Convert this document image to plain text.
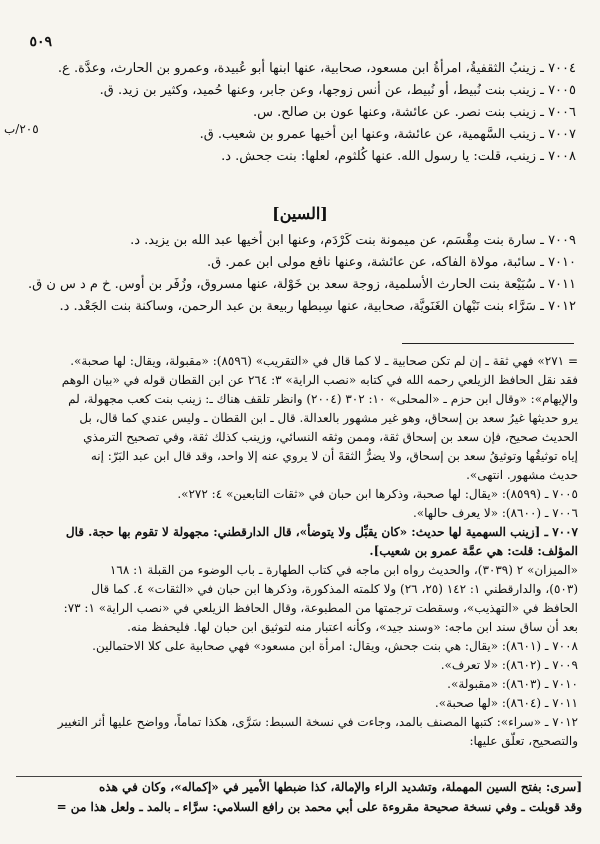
٥٠٩
٢٠٥/ب
٧٠٠٤ ـ زينبُ الثقفيةُ، امرأةُ ابن مسعود، صحابية، عنها ابنها أبو عُبيدة، وعمرو بن الحارث، وعدَّة. ع.
٧٠٠٥ ـ زينب بنت نُبيط، أو نُبيط، عن أنس زوجها، وعن جابر، وعنها حُميد، وكثير بن زيد. ق.
٧٠٠٦ ـ زينب بنت نصر. عن عائشة، وعنها عون بن صالح. س.
٧٠٠٧ ـ زينب السَّهمية، عن عائشة، وعنها ابن أخيها عمرو بن شعيب. ق.
٧٠٠٨ ـ زينب، قلت: يا رسول الله. عنها كُلثوم، لعلها: بنت جحش. د.
[السين]
٧٠٠٩ ـ سارة بنت مِقْسَم، عن ميمونة بنت كَرْدَم، وعنها ابن أخيها عبد الله بن يزيد. د.
٧٠١٠ ـ سائبة، مولاة الفاكه، عن عائشة، وعنها نافع مولى ابن عمر. ق.
٧٠١١ ـ سُبَيْعة بنت الحارث الأسلمية، زوجة سعد بن خَوْلة، عنها مسروق، وزُفَر بن أوس. خ م د س ن ق.
٧٠١٢ ـ سَرَّاء بنت نَبْهان الغَنَويَّة، صحابية، عنها سِبطها ربيعة بن عبد الرحمن، وساكنة بنت الجَعْد. د.
= ٢٧١» فهي ثقة ـ إن لم تكن صحابية ـ لا كما قال في «التقريب» (٨٥٩٦): «مقبولة، ويقال: لها صحبة».
فقد نقل الحافظ الزيلعي رحمه الله في كتابه «نصب الراية» ٣: ٢٦٤ عن ابن القطان قوله في «بيان الوهم
والإيهام»: «وقال ابن حزم ـ «المحلى» ١٠: ٣٠٢ (٢٠٠٤) وانظر تلقف هناك ـ: زينب بنت كعب مجهولة، لم
يرو حديثها غيرُ سعد بن إسحاق، وهو غير مشهور بالعدالة. قال ـ ابن القطان ـ وليس عندي كما قال، بل
الحديث صحيح، فإن سعد بن إسحاق ثقة، وممن وثقه النسائي، وزينب كذلك ثقة، وفي تصحيح الترمذي
إياه توثيقُها وتوثيقُ سعد بن إسحاق، ولا يضرُّ الثقةَ أن لا يروي عنه إلا واحد، وقد قال ابن عبد البَرّ: إنه
حديث مشهور. انتهى».
٧٠٠٥ ـ (٨٥٩٩): «يقال: لها صحبة، وذكرها ابن حبان في «ثقات التابعين» ٤: ٢٧٢».
٧٠٠٦ ـ (٨٦٠٠): «لا يعرف حالها».
٧٠٠٧ ـ [زينب السهمية لها حديث: «كان يقبِّل ولا يتوضأ»، قال الدارقطني: مجهولة لا تقوم بها حجة. قال
المؤلف: قلت: هي عمَّة عمرو بن شعيب].
«الميزان» ٢ (٣٠٣٩)، والحديث رواه ابن ماجه في كتاب الطهارة ـ باب الوضوء من القبلة ١: ١٦٨
(٥٠٣)، والدارقطني ١: ١٤٢ (٢٥، ٢٦) ولا كلمته المذكورة، وذكرها ابن حبان في «الثقات» ٤. كما قال
الحافظ في «التهذيب»، وسقطت ترجمتها من المطبوعة، وقال الحافظ الزيلعي في «نصب الراية» ١: ٧٣:
بعد أن ساق سند ابن ماجه: «وسند جيد»، وكأنه اعتبار منه لتوثيق ابن حبان لها. فليحفظ منه.
٧٠٠٨ ـ (٨٦٠١): «يقال: هي بنت جحش، ويقال: امرأة ابن مسعود» فهي صحابية على كلا الاحتمالين.
٧٠٠٩ ـ (٨٦٠٢): «لا تعرف».
٧٠١٠ ـ (٨٦٠٣): «مقبولة».
٧٠١١ ـ (٨٦٠٤): «لها صحبة».
٧٠١٢ ـ «سراء»: كتبها المصنف بالمد، وجاءت في نسخة السبط: سَرَّى، هكذا تماماً، وواضح عليها أثر التغيير
والتصحيح، تعلَّق عليها:
[سرى: بفتح السين المهملة، وتشديد الراء والإمالة، كذا ضبطها الأمير في «إكماله»، وكان في هذه
وقد قوبلت ـ وفي نسخة صحيحة مقروءة على أبي محمد بن رافع السلامي: سرَّاء ـ بالمد ـ ولعل هذا من =
